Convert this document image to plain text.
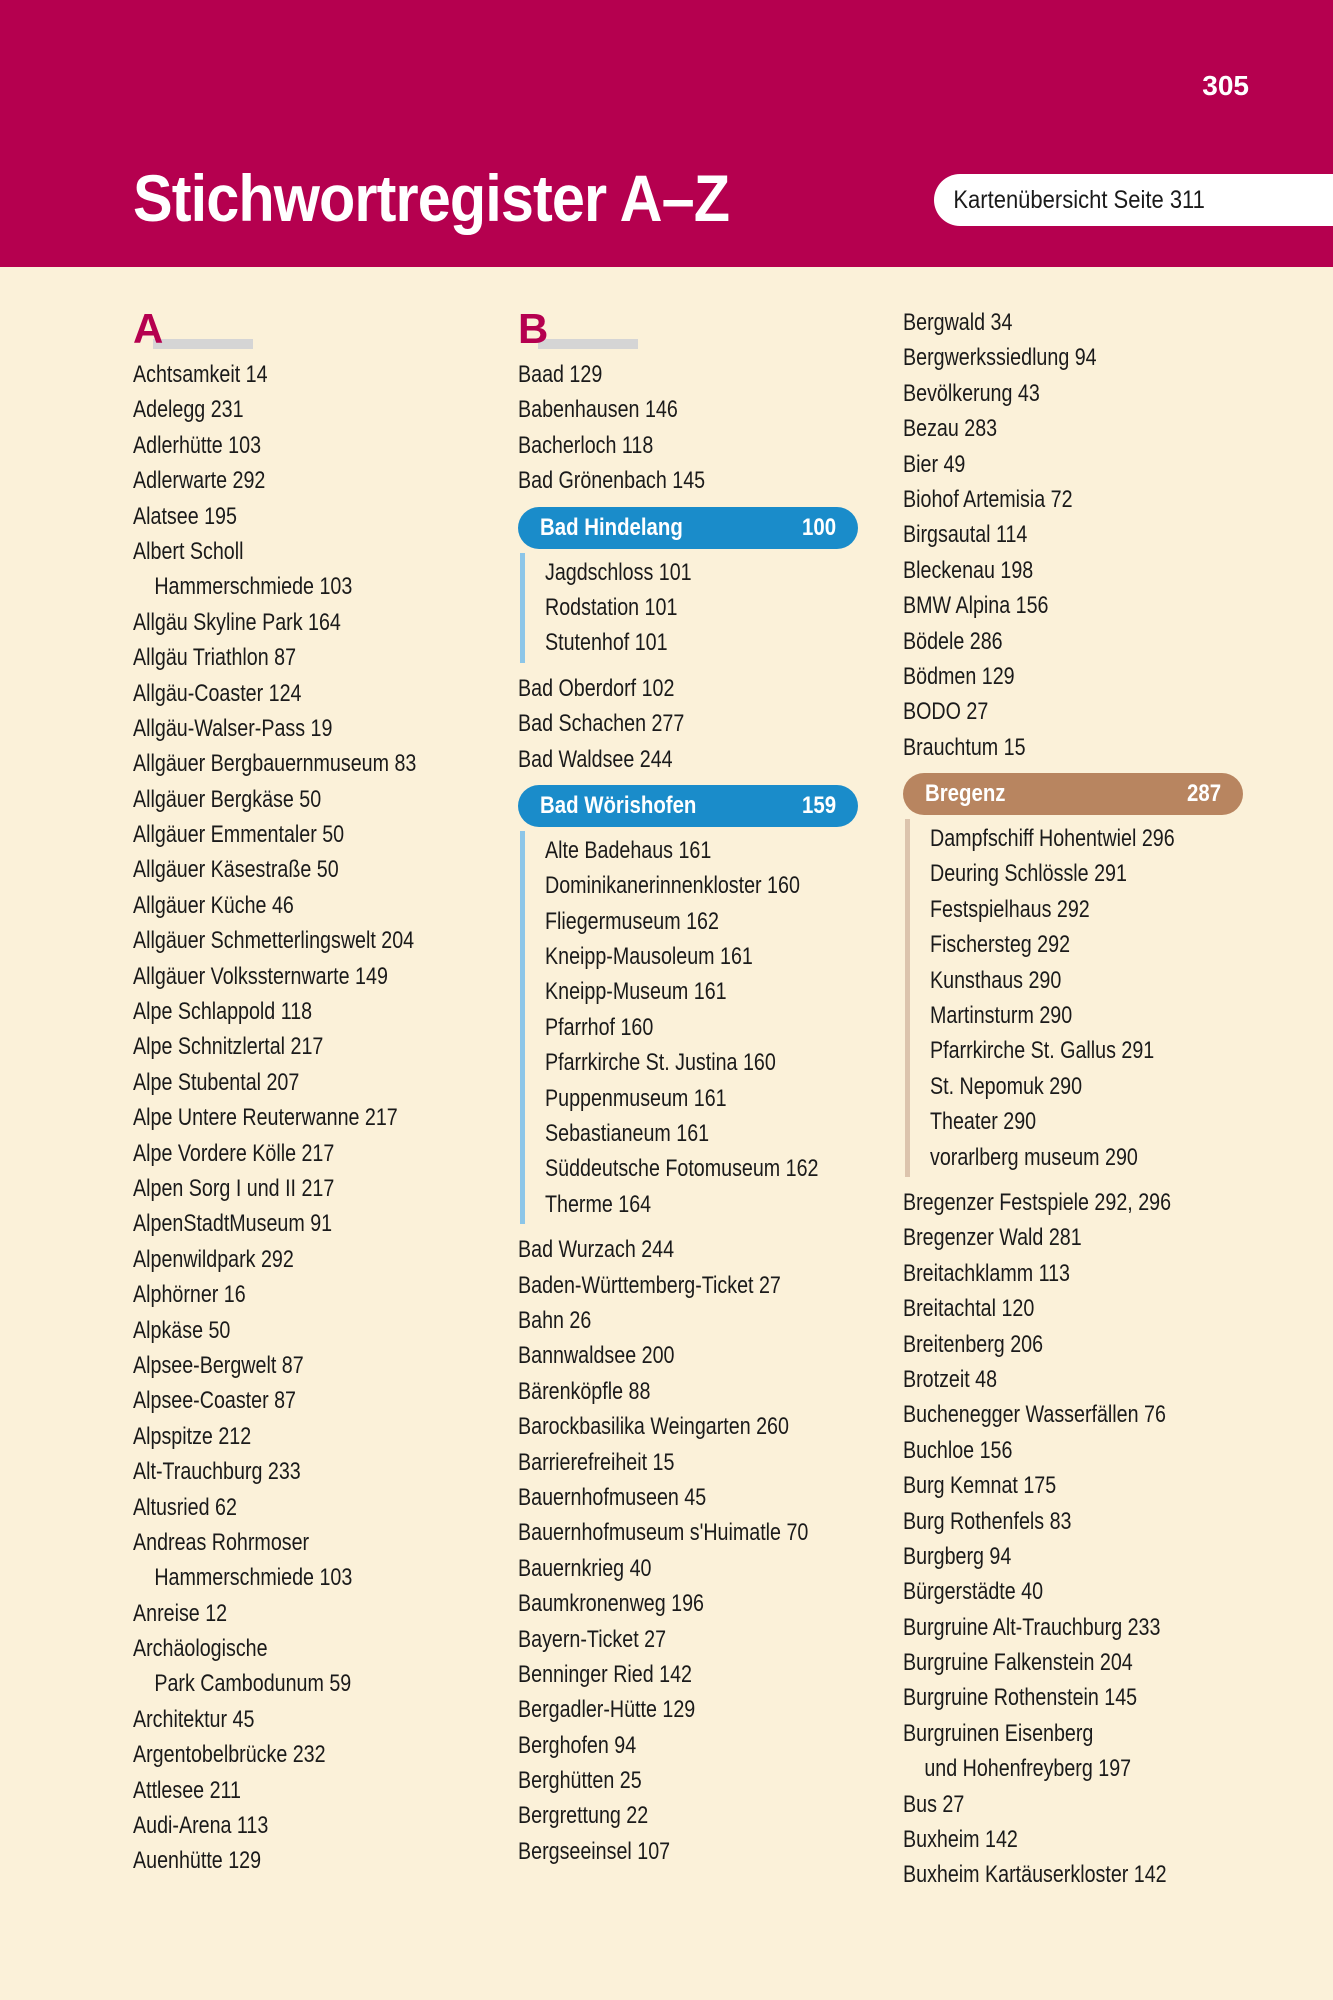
305
Stichwortregister A–Z	Kartenübersicht Seite 311
A
Achtsamkeit 14
Adelegg 231
Adlerhütte 103
Adlerwarte 292
Alatsee 195
Albert Scholl
Hammerschmiede 103
Allgäu Skyline Park 164
Allgäu Triathlon 87
Allgäu-Coaster 124
Allgäu-Walser-Pass 19
Allgäuer Bergbauernmuseum 83
Allgäuer Bergkäse 50
Allgäuer Emmentaler 50
Allgäuer Käsestraße 50
Allgäuer Küche 46
Allgäuer Schmetterlingswelt 204
Allgäuer Volkssternwarte 149
Alpe Schlappold 118
Alpe Schnitzlertal 217
Alpe Stubental 207
Alpe Untere Reuterwanne 217
Alpe Vordere Kölle 217
Alpen Sorg I und II 217
AlpenStadtMuseum 91
Alpenwildpark 292
Alphörner 16
Alpkäse 50
Alpsee-Bergwelt 87
Alpsee-Coaster 87
Alpspitze 212
Alt-Trauchburg 233
Altusried 62
Andreas Rohrmoser
Hammerschmiede 103
Anreise 12
Archäologische
Park Cambodunum 59
Architektur 45
Argentobelbrücke 232
Attlesee 211
Audi-Arena 113
Auenhütte 129
B
Baad 129
Babenhausen 146
Bacherloch 118
Bad Grönenbach 145
Bad Hindelang	100
Jagdschloss 101
Rodstation 101
Stutenhof 101
Bad Oberdorf 102
Bad Schachen 277
Bad Waldsee 244
Bad Wörishofen	159
Alte Badehaus 161
Dominikanerinnenkloster 160
Fliegermuseum 162
Kneipp-Mausoleum 161
Kneipp-Museum 161
Pfarrhof 160
Pfarrkirche St. Justina 160
Puppenmuseum 161
Sebastianeum 161
Süddeutsche Fotomuseum 162
Therme 164
Bad Wurzach 244
Baden-Württemberg-Ticket 27
Bahn 26
Bannwaldsee 200
Bärenköpfle 88
Barockbasilika Weingarten 260
Barrierefreiheit 15
Bauernhofmuseen 45
Bauernhofmuseum s'Huimatle 70
Bauernkrieg 40
Baumkronenweg 196
Bayern-Ticket 27
Benninger Ried 142
Bergadler-Hütte 129
Berghofen 94
Berghütten 25
Bergrettung 22
Bergseeinsel 107
Bergwald 34
Bergwerkssiedlung 94
Bevölkerung 43
Bezau 283
Bier 49
Biohof Artemisia 72
Birgsautal 114
Bleckenau 198
BMW Alpina 156
Bödele 286
Bödmen 129
BODO 27
Brauchtum 15
Bregenz	287
Dampfschiff Hohentwiel 296
Deuring Schlössle 291
Festspielhaus 292
Fischersteg 292
Kunsthaus 290
Martinsturm 290
Pfarrkirche St. Gallus 291
St. Nepomuk 290
Theater 290
vorarlberg museum 290
Bregenzer Festspiele 292, 296
Bregenzer Wald 281
Breitachklamm 113
Breitachtal 120
Breitenberg 206
Brotzeit 48
Buchenegger Wasserfällen 76
Buchloe 156
Burg Kemnat 175
Burg Rothenfels 83
Burgberg 94
Bürgerstädte 40
Burgruine Alt-Trauchburg 233
Burgruine Falkenstein 204
Burgruine Rothenstein 145
Burgruinen Eisenberg
und Hohenfreyberg 197
Bus 27
Buxheim 142
Buxheim Kartäuserkloster 142
